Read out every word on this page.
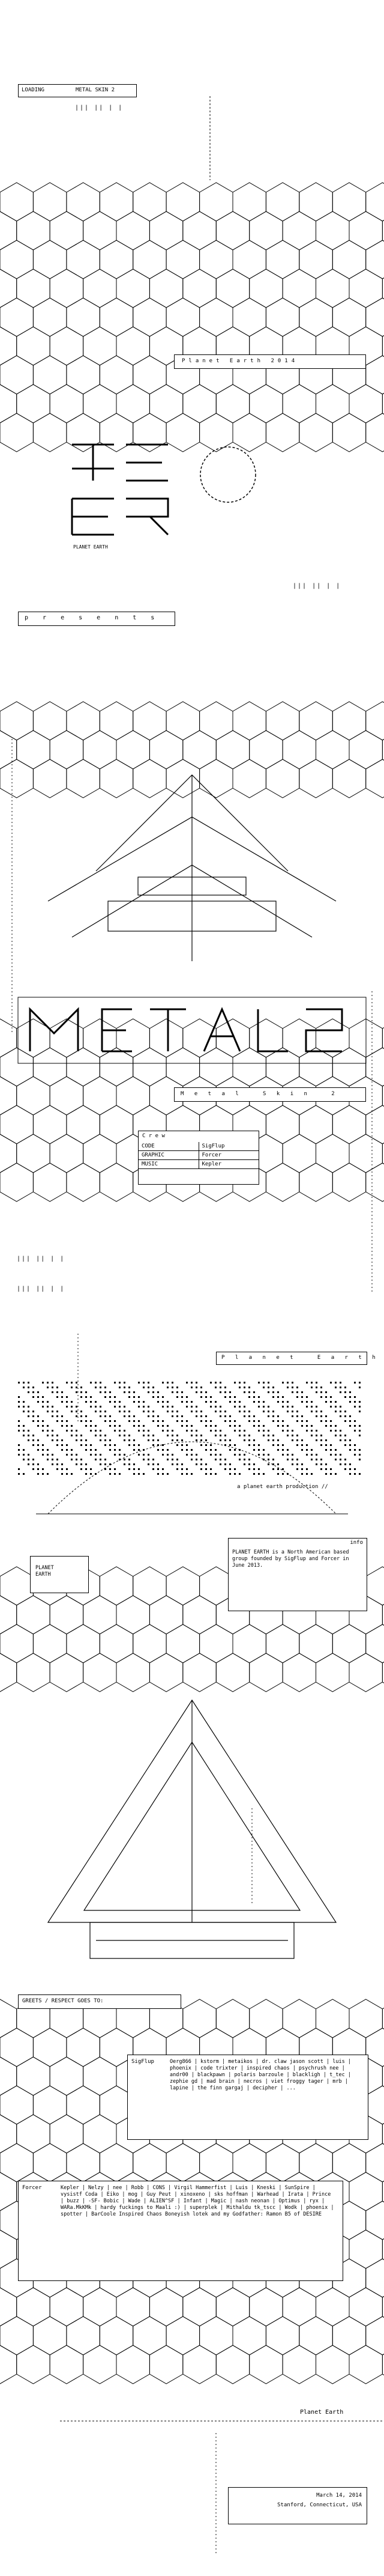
LOADING	METAL SKIN 2
||| || | |
Planet Earth 2014
PLANET EARTH
||| || | |
p r e s e n t s
M e t a l   S k i n   2
C r e w
CODE	SigFlup
GRAPHIC	Forcer
MUSIC	Kepler
||| || | |
||| || | |
P l a n e t   E a r t h
a planet earth production //
info
PLANET EARTH is a North American based group founded by SigFlup and Forcer in June 2013.
PLANET EARTH
GREETS / RESPECT GOES TO:
SigFlup	Oerg866 | kstorm | metaikos | dr. claw jason scott | luis | phoenix | code trixter | inspired chaos | psychrush nee | andr00 | blackpawn | polaris barzoule | blackligh | t_tec | zephie gd | mad brain | necros | viet froggy tager | mrb | lapine | the finn gargaj | decipher | ...
Forcer	Kepler | Nelzy | nee | Robb | CONS | Virgil Hammerfist | Luis | Kneski | SunSpire | vysistf Coda | Eiko | mog | Guy Peut | xinoxeno | sks hoffman | Warhead | Irata | Prince | buzz | -SF- Bobic | Wade | ALIEN^SF | Infant | Magic | nash neonan | Optimus | ryx | WARa.MkKMk | hardy fuckings to Maali :) | superplek | Mithaldu tk_tscc | Wodk | phoenix | spotter | BarCoole Inspired Chaos Boneyish lotek and my Godfather: Ramon B5 of DESIRE
Planet Earth
March 14, 2014
Stanford, Connecticut, USA
